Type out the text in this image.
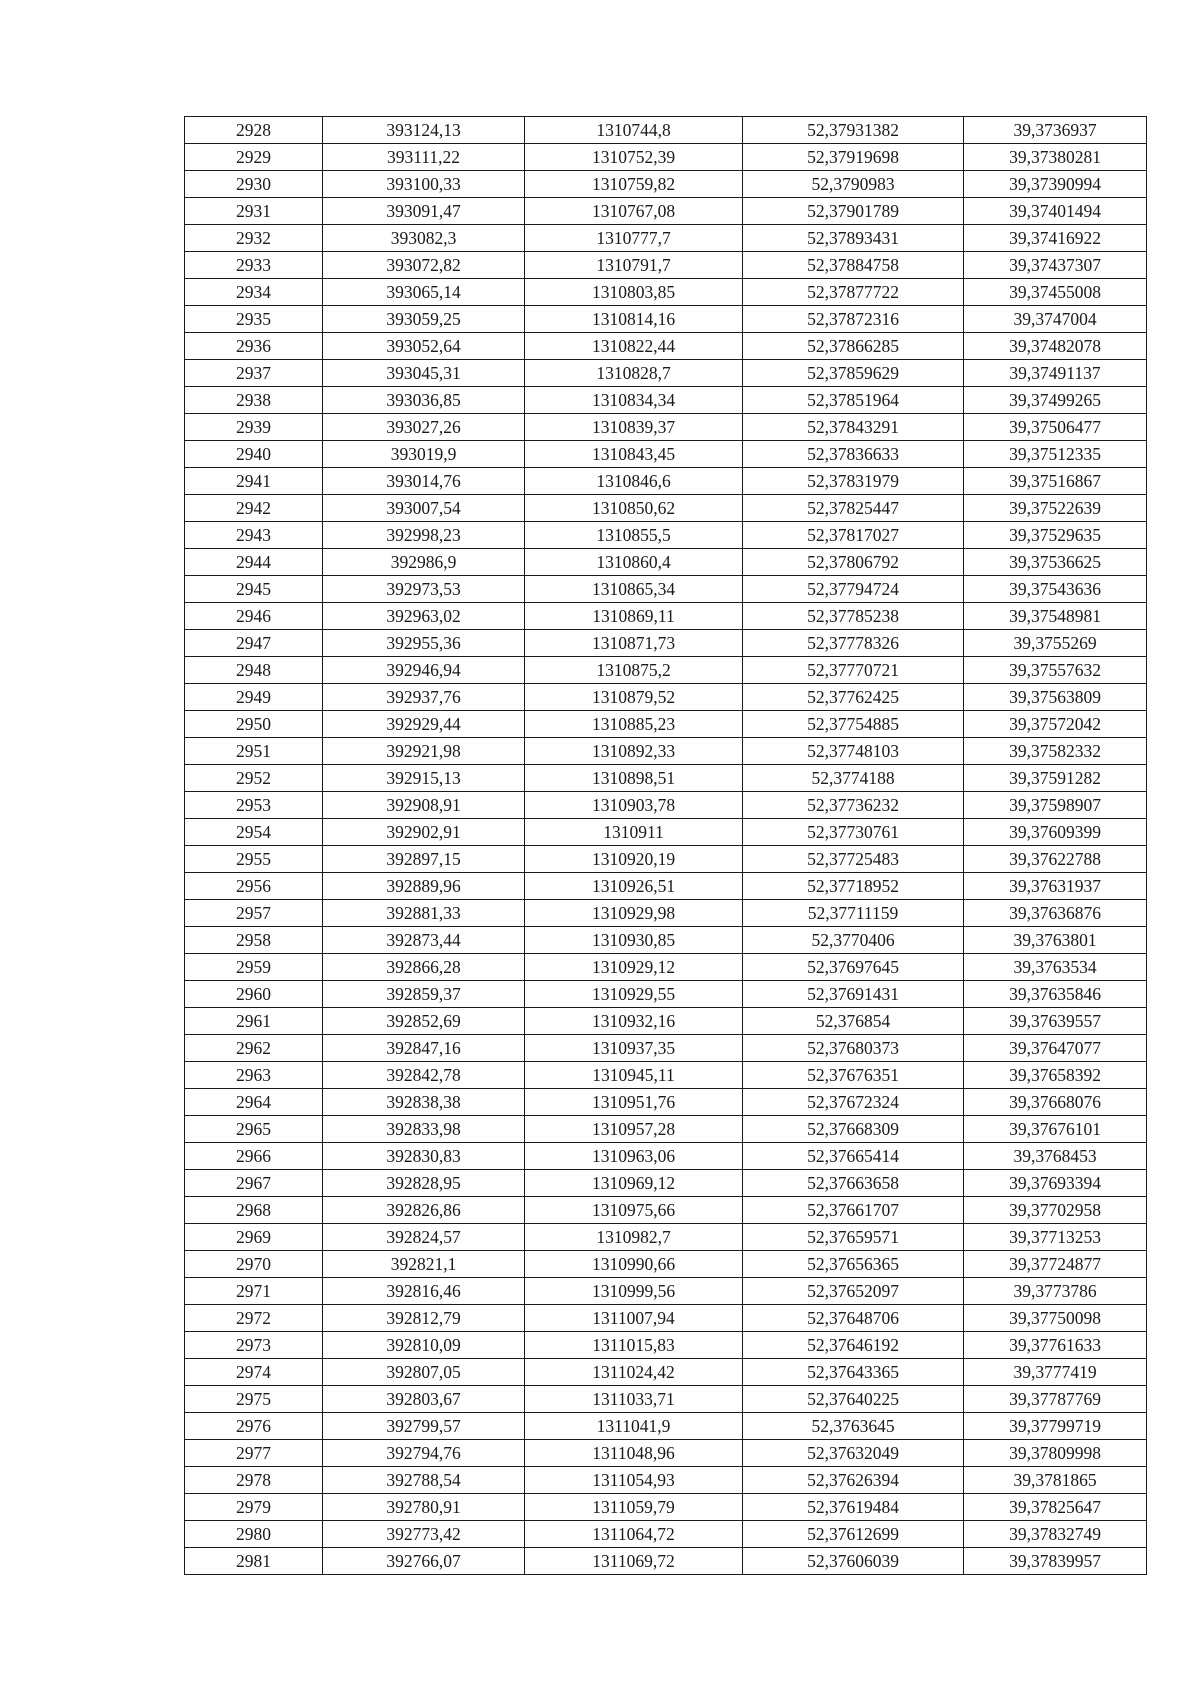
2928	393124,13	1310744,8	52,37931382	39,3736937
2929	393111,22	1310752,39	52,37919698	39,37380281
2930	393100,33	1310759,82	52,3790983	39,37390994
2931	393091,47	1310767,08	52,37901789	39,37401494
2932	393082,3	1310777,7	52,37893431	39,37416922
2933	393072,82	1310791,7	52,37884758	39,37437307
2934	393065,14	1310803,85	52,37877722	39,37455008
2935	393059,25	1310814,16	52,37872316	39,3747004
2936	393052,64	1310822,44	52,37866285	39,37482078
2937	393045,31	1310828,7	52,37859629	39,37491137
2938	393036,85	1310834,34	52,37851964	39,37499265
2939	393027,26	1310839,37	52,37843291	39,37506477
2940	393019,9	1310843,45	52,37836633	39,37512335
2941	393014,76	1310846,6	52,37831979	39,37516867
2942	393007,54	1310850,62	52,37825447	39,37522639
2943	392998,23	1310855,5	52,37817027	39,37529635
2944	392986,9	1310860,4	52,37806792	39,37536625
2945	392973,53	1310865,34	52,37794724	39,37543636
2946	392963,02	1310869,11	52,37785238	39,37548981
2947	392955,36	1310871,73	52,37778326	39,3755269
2948	392946,94	1310875,2	52,37770721	39,37557632
2949	392937,76	1310879,52	52,37762425	39,37563809
2950	392929,44	1310885,23	52,37754885	39,37572042
2951	392921,98	1310892,33	52,37748103	39,37582332
2952	392915,13	1310898,51	52,3774188	39,37591282
2953	392908,91	1310903,78	52,37736232	39,37598907
2954	392902,91	1310911	52,37730761	39,37609399
2955	392897,15	1310920,19	52,37725483	39,37622788
2956	392889,96	1310926,51	52,37718952	39,37631937
2957	392881,33	1310929,98	52,37711159	39,37636876
2958	392873,44	1310930,85	52,3770406	39,3763801
2959	392866,28	1310929,12	52,37697645	39,3763534
2960	392859,37	1310929,55	52,37691431	39,37635846
2961	392852,69	1310932,16	52,376854	39,37639557
2962	392847,16	1310937,35	52,37680373	39,37647077
2963	392842,78	1310945,11	52,37676351	39,37658392
2964	392838,38	1310951,76	52,37672324	39,37668076
2965	392833,98	1310957,28	52,37668309	39,37676101
2966	392830,83	1310963,06	52,37665414	39,3768453
2967	392828,95	1310969,12	52,37663658	39,37693394
2968	392826,86	1310975,66	52,37661707	39,37702958
2969	392824,57	1310982,7	52,37659571	39,37713253
2970	392821,1	1310990,66	52,37656365	39,37724877
2971	392816,46	1310999,56	52,37652097	39,3773786
2972	392812,79	1311007,94	52,37648706	39,37750098
2973	392810,09	1311015,83	52,37646192	39,37761633
2974	392807,05	1311024,42	52,37643365	39,3777419
2975	392803,67	1311033,71	52,37640225	39,37787769
2976	392799,57	1311041,9	52,3763645	39,37799719
2977	392794,76	1311048,96	52,37632049	39,37809998
2978	392788,54	1311054,93	52,37626394	39,3781865
2979	392780,91	1311059,79	52,37619484	39,37825647
2980	392773,42	1311064,72	52,37612699	39,37832749
2981	392766,07	1311069,72	52,37606039	39,37839957
